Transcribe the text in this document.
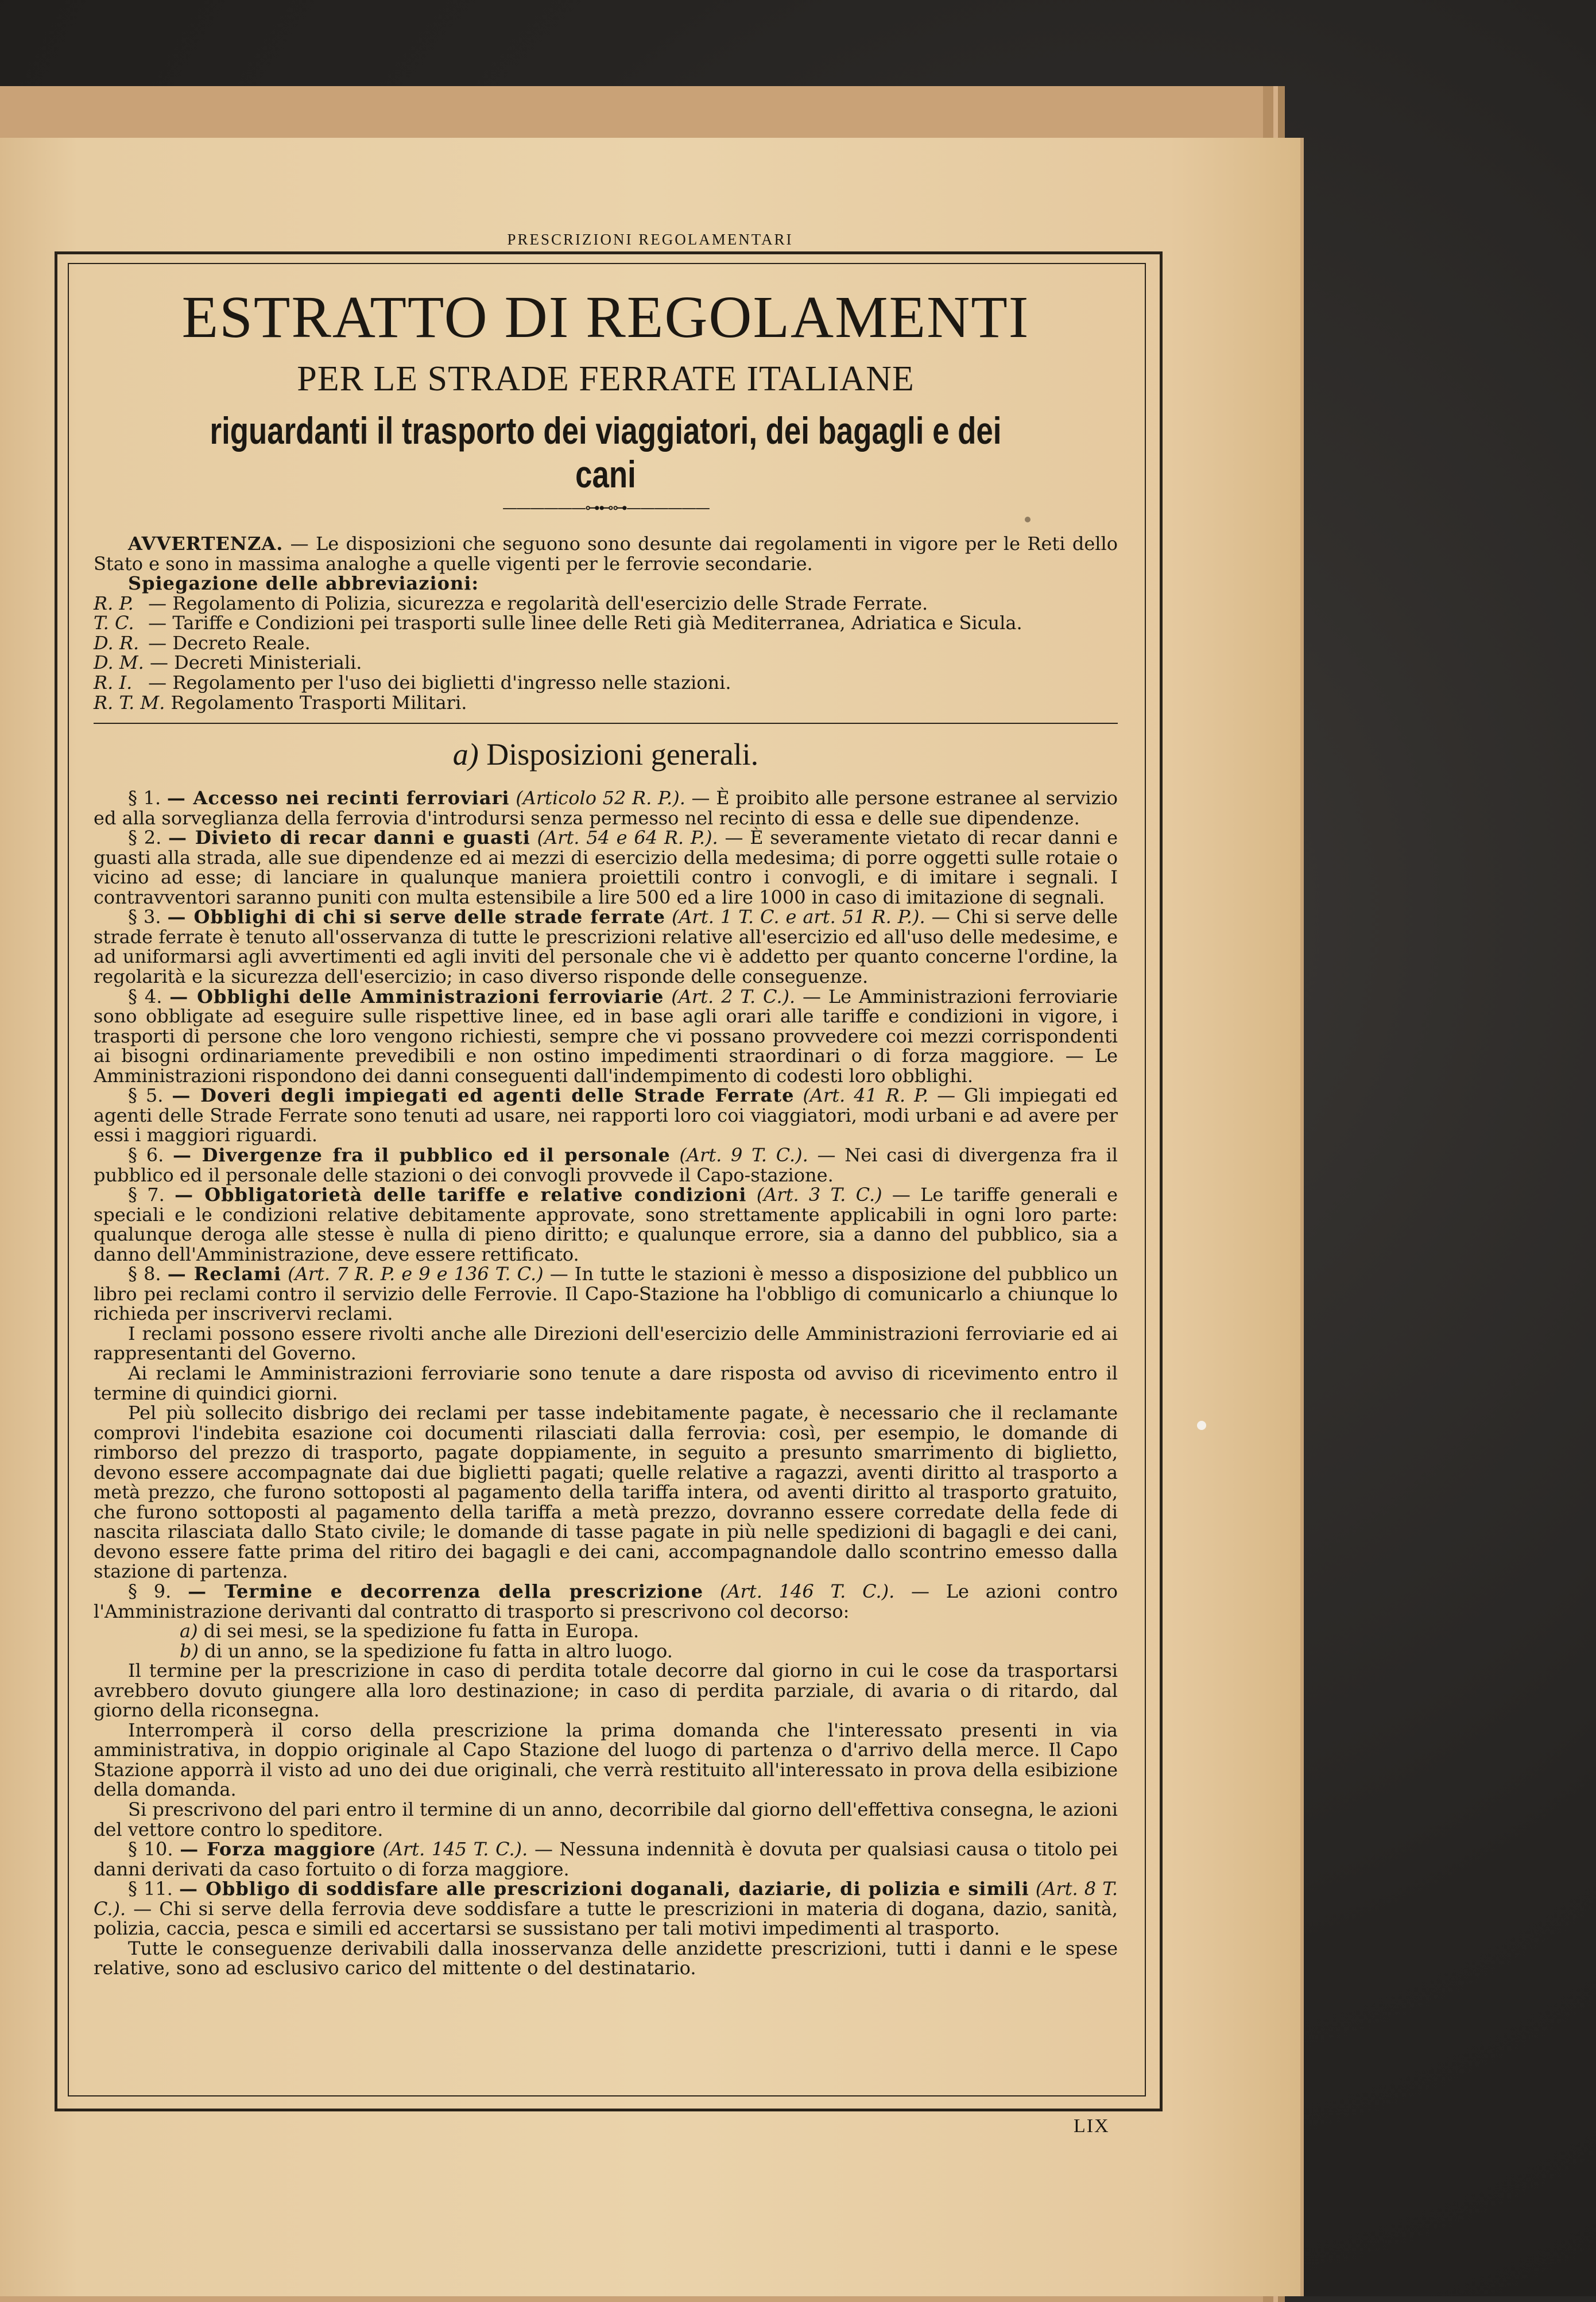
PRESCRIZIONI REGOLAMENTARI
ESTRATTO DI REGOLAMENTI
PER LE STRADE FERRATE ITALIANE
riguardanti il trasporto dei viaggiatori, dei bagagli e dei cani
——————⊶⊷⊶——————

AVVERTENZA. — Le disposizioni che seguono sono desunte dai regolamenti in vigore per le Reti dello Stato e sono in massima analoghe a quelle vigenti per le ferrovie secondarie.

Spiegazione delle abbreviazioni:

R. P. — Regolamento di Polizia, sicurezza e regolarità dell'esercizio delle Strade Ferrate.
T. C. — Tariffe e Condizioni pei trasporti sulle linee delle Reti già Mediterranea, Adriatica e Sicula.
D. R. — Decreto Reale.
D. M. — Decreti Ministeriali.
R. I. — Regolamento per l'uso dei biglietti d'ingresso nelle stazioni.
R. T. M. Regolamento Trasporti Militari.
a) Disposizioni generali.

§ 1. — Accesso nei recinti ferroviari (Articolo 52 R. P.). — È proibito alle persone estranee al servizio ed alla sorveglianza della ferrovia d'introdursi senza permesso nel recinto di essa e delle sue dipendenze.

§ 2. — Divieto di recar danni e guasti (Art. 54 e 64 R. P.). — È severamente vietato di recar danni e guasti alla strada, alle sue dipendenze ed ai mezzi di esercizio della medesima; di porre oggetti sulle rotaie o vicino ad esse; di lanciare in qualunque maniera proiettili contro i convogli, e di imitare i segnali. I contravventori saranno puniti con multa estensibile a lire 500 ed a lire 1000 in caso di imitazione di segnali.

§ 3. — Obblighi di chi si serve delle strade ferrate (Art. 1 T. C. e art. 51 R. P.). — Chi si serve delle strade ferrate è tenuto all'osservanza di tutte le prescrizioni relative all'esercizio ed all'uso delle medesime, e ad uniformarsi agli avvertimenti ed agli inviti del personale che vi è addetto per quanto concerne l'ordine, la regolarità e la sicurezza dell'esercizio; in caso diverso risponde delle conseguenze.

§ 4. — Obblighi delle Amministrazioni ferroviarie (Art. 2 T. C.). — Le Amministrazioni ferroviarie sono obbligate ad eseguire sulle rispettive linee, ed in base agli orari alle tariffe e condizioni in vigore, i trasporti di persone che loro vengono richiesti, sempre che vi possano provvedere coi mezzi corrispondenti ai bisogni ordinariamente prevedibili e non ostino impedimenti straordinari o di forza maggiore. — Le Amministrazioni rispondono dei danni conseguenti dall'indempimento di codesti loro obblighi.

§ 5. — Doveri degli impiegati ed agenti delle Strade Ferrate (Art. 41 R. P. — Gli impiegati ed agenti delle Strade Ferrate sono tenuti ad usare, nei rapporti loro coi viaggiatori, modi urbani e ad avere per essi i maggiori riguardi.

§ 6. — Divergenze fra il pubblico ed il personale (Art. 9 T. C.). — Nei casi di divergenza fra il pubblico ed il personale delle stazioni o dei convogli provvede il Capo-stazione.

§ 7. — Obbligatorietà delle tariffe e relative condizioni (Art. 3 T. C.) — Le tariffe generali e speciali e le condizioni relative debitamente approvate, sono strettamente applicabili in ogni loro parte: qualunque deroga alle stesse è nulla di pieno diritto; e qualunque errore, sia a danno del pubblico, sia a danno dell'Amministrazione, deve essere rettificato.

§ 8. — Reclami (Art. 7 R. P. e 9 e 136 T. C.) — In tutte le stazioni è messo a disposizione del pubblico un libro pei reclami contro il servizio delle Ferrovie. Il Capo-Stazione ha l'obbligo di comunicarlo a chiunque lo richieda per inscrivervi reclami.

I reclami possono essere rivolti anche alle Direzioni dell'esercizio delle Amministrazioni ferroviarie ed ai rappresentanti del Governo.

Ai reclami le Amministrazioni ferroviarie sono tenute a dare risposta od avviso di ricevimento entro il termine di quindici giorni.

Pel più sollecito disbrigo dei reclami per tasse indebitamente pagate, è necessario che il reclamante comprovi l'indebita esazione coi documenti rilasciati dalla ferrovia: così, per esempio, le domande di rimborso del prezzo di trasporto, pagate doppiamente, in seguito a presunto smarrimento di biglietto, devono essere accompagnate dai due biglietti pagati; quelle relative a ragazzi, aventi diritto al trasporto a metà prezzo, che furono sottoposti al pagamento della tariffa intera, od aventi diritto al trasporto gratuito, che furono sottoposti al pagamento della tariffa a metà prezzo, dovranno essere corredate della fede di nascita rilasciata dallo Stato civile; le domande di tasse pagate in più nelle spedizioni di bagagli e dei cani, devono essere fatte prima del ritiro dei bagagli e dei cani, accompagnandole dallo scontrino emesso dalla stazione di partenza.

§ 9. — Termine e decorrenza della prescrizione (Art. 146 T. C.). — Le azioni contro l'Amministrazione derivanti dal contratto di trasporto si prescrivono col decorso:

a) di sei mesi, se la spedizione fu fatta in Europa.

b) di un anno, se la spedizione fu fatta in altro luogo.

Il termine per la prescrizione in caso di perdita totale decorre dal giorno in cui le cose da trasportarsi avrebbero dovuto giungere alla loro destinazione; in caso di perdita parziale, di avaria o di ritardo, dal giorno della riconsegna.

Interromperà il corso della prescrizione la prima domanda che l'interessato presenti in via amministrativa, in doppio originale al Capo Stazione del luogo di partenza o d'arrivo della merce. Il Capo Stazione apporrà il visto ad uno dei due originali, che verrà restituito all'interessato in prova della esibizione della domanda.

Si prescrivono del pari entro il termine di un anno, decorribile dal giorno dell'effettiva consegna, le azioni del vettore contro lo speditore.

§ 10. — Forza maggiore (Art. 145 T. C.). — Nessuna indennità è dovuta per qualsiasi causa o titolo pei danni derivati da caso fortuito o di forza maggiore.

§ 11. — Obbligo di soddisfare alle prescrizioni doganali, daziarie, di polizia e simili (Art. 8 T. C.). — Chi si serve della ferrovia deve soddisfare a tutte le prescrizioni in materia di dogana, dazio, sanità, polizia, caccia, pesca e simili ed accertarsi se sussistano per tali motivi impedimenti al trasporto.

Tutte le conseguenze derivabili dalla inosservanza delle anzidette prescrizioni, tutti i danni e le spese relative, sono ad esclusivo carico del mittente o del destinatario.

LIX
